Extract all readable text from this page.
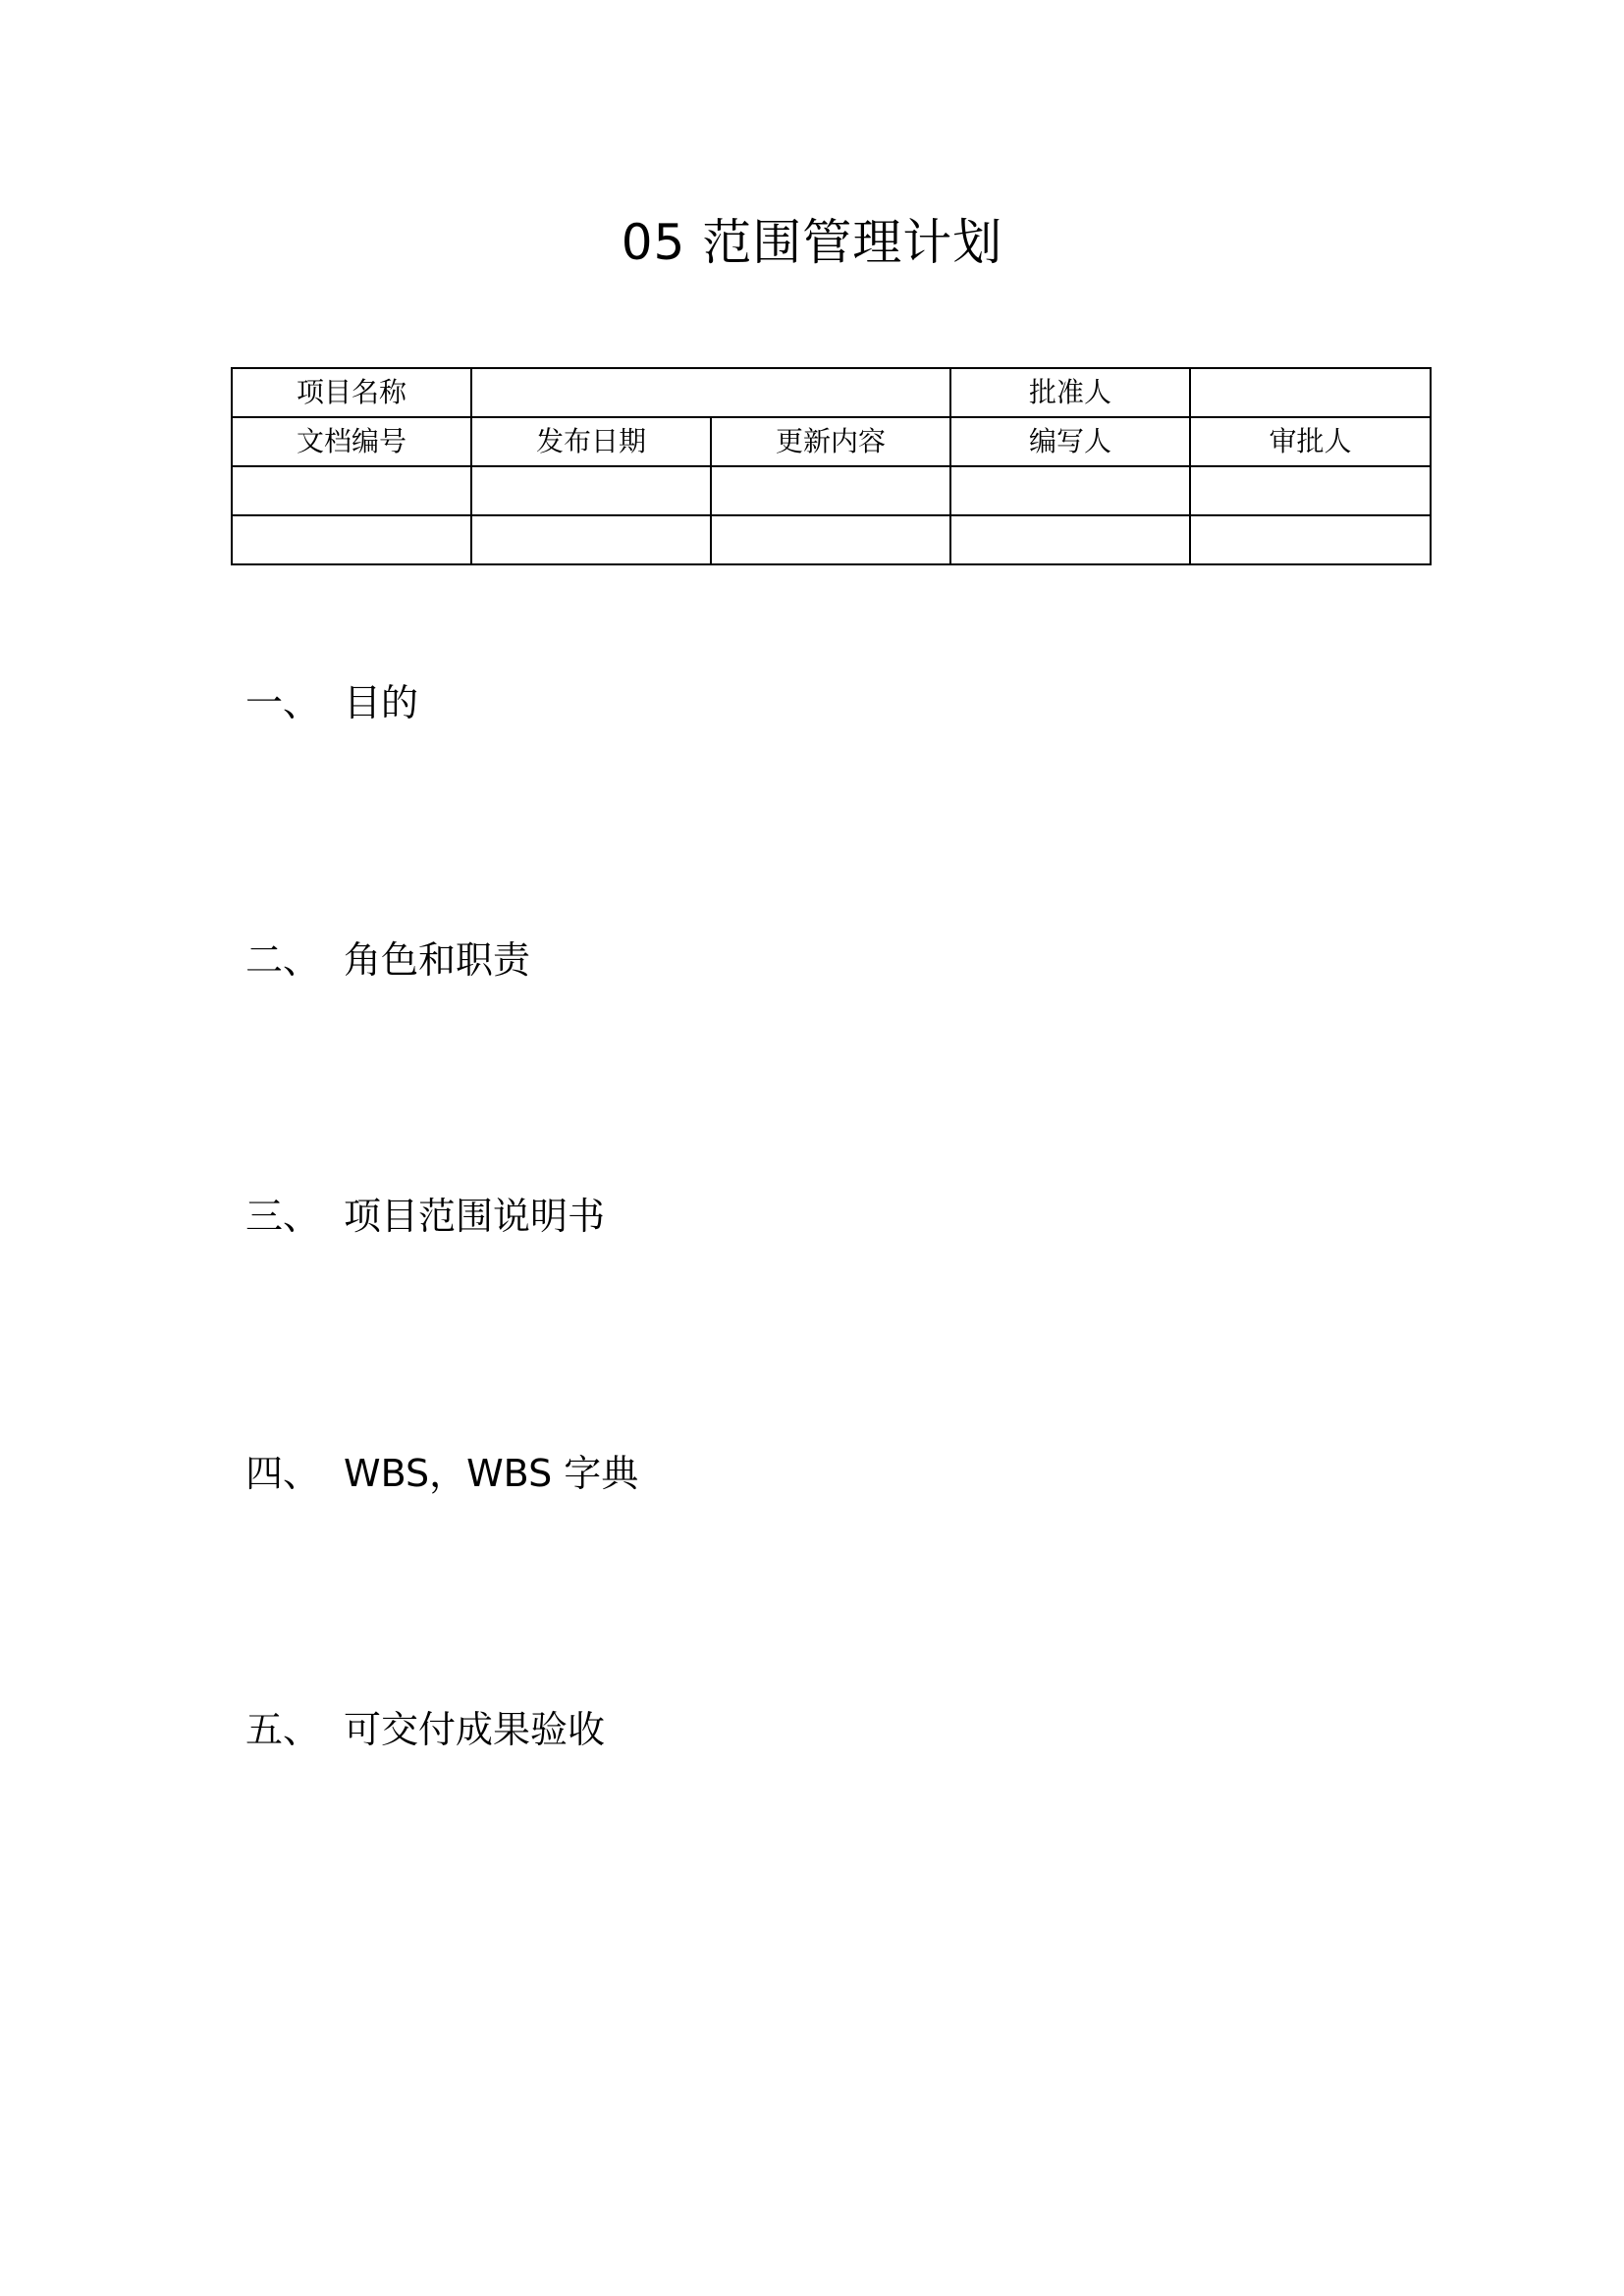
05 范围管理计划
项目名称			批准人	
文档编号	发布日期	更新内容	编写人	审批人

一、 目的
二、 角色和职责
三、 项目范围说明书
四、 WBS，WBS 字典
五、 可交付成果验收
